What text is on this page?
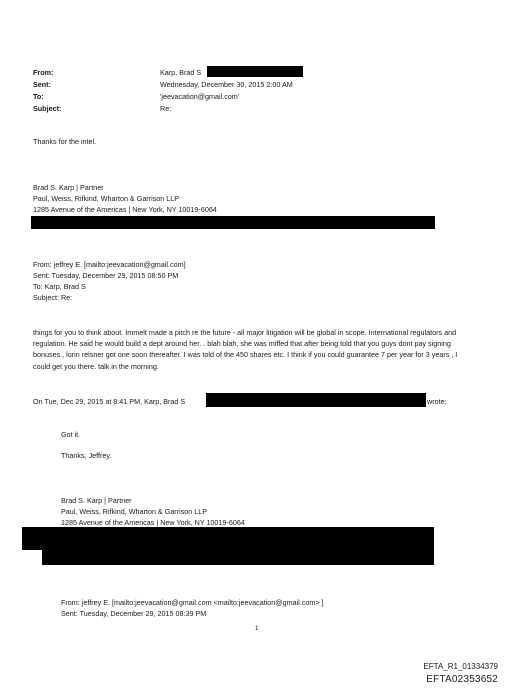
From:	Karp, Brad S
Sent:	Wednesday, December 30, 2015 2:00 AM
To:	'jeevacation@gmail.com'
Subject:	Re:
Thanks for the intel.
Brad S. Karp | Partner
Paul, Weiss, Rifkind, Wharton & Garrison LLP
1285 Avenue of the Americas | New York, NY 10019-6064
From: jeffrey E. [mailto:jeevacation@gmail.com]
Sent: Tuesday, December 29, 2015 08:50 PM
To: Karp, Brad S
Subject: Re:
things for you to think about. Immelt made a pitch re the future - all major litigation will be global in scope. International regulators and regulation. He said he would build a dept around her. . blah blah, she was miffed that after being told that you guys dont pay signing bonuses , lorin reisner got one soon thereafter. I was told of the 450 shares etc. I think if you could guarantee 7 per year for 3 years , I could get you there. talk in the morning.
On Tue, Dec 29, 2015 at 8:41 PM, Karp, Brad S	wrote:
Got it.
Thanks, Jeffrey.
Brad S. Karp | Partner
Paul, Weiss, Rifkind, Wharton & Garrison LLP
1285 Avenue of the Americas | New York, NY 10019-6064
From: jeffrey E. [mailto:jeevacation@gmail.com <mailto:jeevacation@gmail.com> ]
Sent: Tuesday, December 29, 2015 08:39 PM
1
EFTA_R1_01334379
EFTA02353652
